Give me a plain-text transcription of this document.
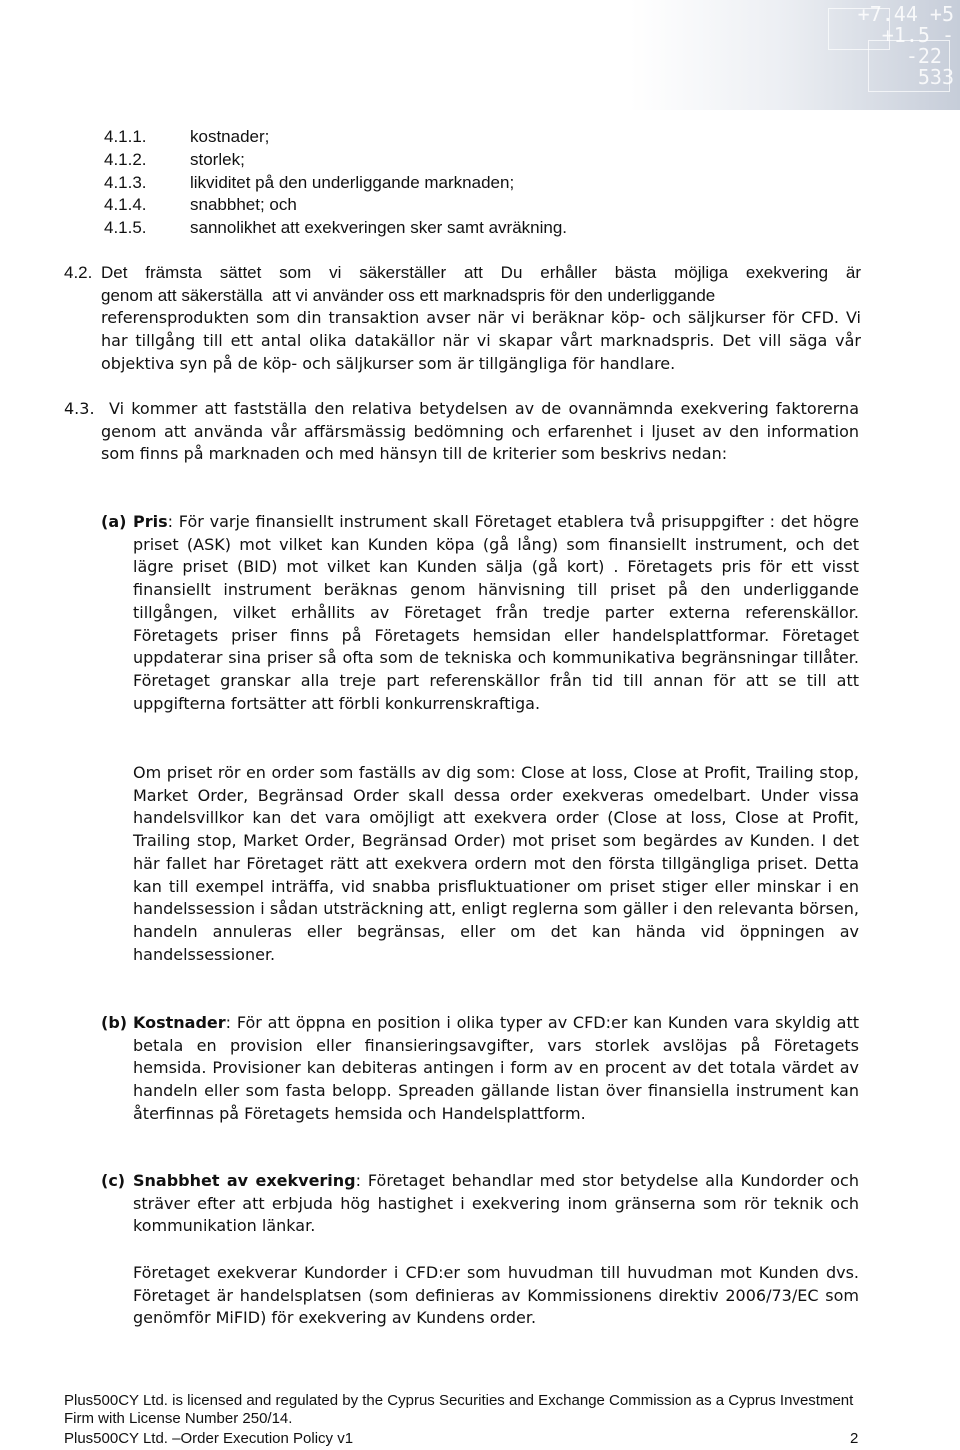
+7.44 +5
+1.5 -
-22
533
4.1.1.	kostnader;
4.1.2.	storlek;
4.1.3.	likviditet på den underliggande marknaden;
4.1.4.	snabbhet; och
4.1.5.	sannolikhet att exekveringen sker samt avräkning.
4.2. Det främsta sättet som vi säkerställer att Du erhåller bästa möjliga exekvering är
genom att säkerställa  att vi använder oss ett marknadspris för den underliggande
referensprodukten som din transaktion avser när vi beräknar köp- och säljkurser för CFD. Vi har tillgång till ett antal olika datakällor när vi skapar vårt marknadspris. Det vill säga vår objektiva syn på de köp- och säljkurser som är tillgängliga för handlare.
4.3. Vi kommer att fastställa den relativa betydelsen av de ovannämnda exekvering faktorerna genom att använda vår affärsmässig bedömning och erfarenhet i ljuset av den information som finns på marknaden och med hänsyn till de kriterier som beskrivs nedan:
(a) Pris: För varje finansiellt instrument skall Företaget etablera två prisuppgifter : det högre priset (ASK) mot vilket kan Kunden köpa (gå lång) som finansiellt instrument, och det lägre priset (BID) mot vilket kan Kunden sälja (gå kort) . Företagets pris för ett visst finansiellt instrument beräknas genom hänvisning till priset på den underliggande tillgången, vilket erhållits av Företaget från tredje parter externa referenskällor. Företagets priser finns på Företagets hemsidan eller handelsplattformar. Företaget uppdaterar sina priser så ofta som de tekniska och kommunikativa begränsningar tillåter. Företaget granskar alla treje part referenskällor från tid till annan för att se till att uppgifterna fortsätter att förbli konkurrenskraftiga.
Om priset rör en order som faställs av dig som: Close at loss, Close at Profit, Trailing stop, Market Order, Begränsad Order skall dessa order exekveras omedelbart. Under vissa handelsvillkor kan det vara omöjligt att exekvera order (Close at loss, Close at Profit, Trailing stop, Market Order, Begränsad Order) mot priset som begärdes av Kunden. I det här fallet har Företaget rätt att exekvera ordern mot den första tillgängliga priset. Detta kan till exempel inträffa, vid snabba prisfluktuationer om priset stiger eller minskar i en handelssession i sådan utsträckning att, enligt reglerna som gäller i den relevanta börsen, handeln annuleras eller begränsas, eller om det kan hända vid öppningen av handelssessioner.
(b) Kostnader: För att öppna en position i olika typer av CFD:er kan Kunden vara skyldig att betala en provision eller finansieringsavgifter, vars storlek avslöjas på Företagets hemsida. Provisioner kan debiteras antingen i form av en procent av det totala värdet av handeln eller som fasta belopp. Spreaden gällande listan över finansiella instrument kan återfinnas på Företagets hemsida och Handelsplattform.
(c) Snabbhet av exekvering: Företaget behandlar med stor betydelse alla Kundorder och sträver efter att erbjuda hög hastighet i exekvering inom gränserna som rör teknik och kommunikation länkar.
Företaget exekverar Kundorder i CFD:er som huvudman till huvudman mot Kunden dvs. Företaget är handelsplatsen (som definieras av Kommissionens direktiv 2006/73/EC som genömför MiFID) för exekvering av Kundens order.
Plus500CY Ltd. is licensed and regulated by the Cyprus Securities and Exchange Commission as a Cyprus Investment
Firm with License Number 250/14.
Plus500CY Ltd. –Order Execution Policy v1	2
